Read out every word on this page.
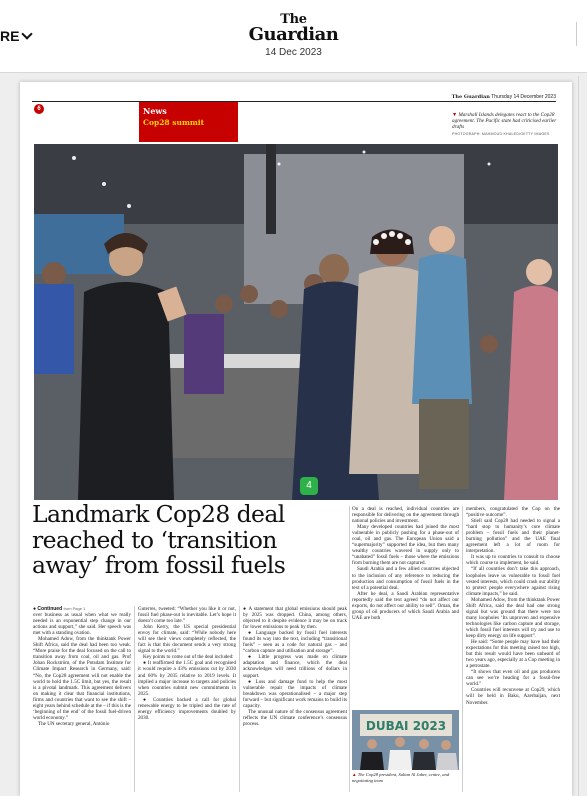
RE
The
Guardian
14 Dec 2023
6
The Guardian Thursday 14 December 2023
News
Cop28 summit
▼ Marshall Islands delegates react to the Cop28 agreement. The Pacific state had criticised earlier drafts
PHOTOGRAPH: MAHMOUD KHALED/GETTY IMAGES
4
Landmark Cop28 deal reached to ‘transition away’ from fossil fuels

● Continued from Page 1

over business as usual when what we really needed is an exponential step change in our actions and support,” she said. Her speech was met with a standing ovation.

Mohamed Adow, from the thinktank Power Shift Africa, said the deal had been too weak. “More praise for the deal focused on the call to transition away from coal, oil and gas. Prof Johan Rockström, of the Potsdam Institute for Climate Impact Research in Germany, said: “No, the Cop28 agreement will not enable the world to hold the 1.5C limit, but yes, the result is a pivotal landmark. This agreement delivers on making it clear that financial institutions, firms and countries that want to see the shift – eight years behind schedule at the – if this is the ‘beginning of the end’ of the fossil fuel-driven world economy.”

The UN secretary general, António

Guterres, tweeted: “Whether you like it or not, fossil fuel phase-out is inevitable. Let’s hope it doesn’t come too late.”

John Kerry, the US special presidential envoy for climate, said: “While nobody here will see their views completely reflected, the fact is that this document sends a very strong signal to the world.”

Key points to come out of the deal included:

● It reaffirmed the 1.5C goal and recognised it would require a 43% emissions cut by 2030 and 60% by 2035 relative to 2019 levels. It implied a major increase to targets and policies when countries submit new commitments in 2025.

● Countries backed a call for global renewable energy to be tripled and the rate of energy efficiency improvements doubled by 2030.

● A statement that global emissions should peak by 2025 was dropped. China, among others, objected to it despite evidence it may be on track for lower emissions to peak by then.

● Language backed by fossil fuel interests found its way into the text, including “transitional fuels” – seen as a code for natural gas – and “carbon capture and utilisation and storage”.

● Little progress was made on climate adaptation and finance, which the deal acknowledges will need trillions of dollars in support.

● Loss and damage fund to help the most vulnerable repair the impacts of climate breakdown was operationalised – a major step forward – but significant work remains to build its capacity.

The unusual nature of the consensus agreement reflects the UN climate conference’s consensus process.

On a deal is reached, individual countries are responsible for delivering on the agreement through national policies and investment.

Many developed countries had joined the most vulnerable in publicly pushing for a phase-out of coal, oil and gas. The European Union said a “supermajority” supported the idea, but then many wealthy countries wavered in supply only to “unabated” fossil fuels – those where the emissions from burning them are not captured.

Saudi Arabia and a few allied countries objected to the inclusion of any reference to reducing the production and consumption of fossil fuels in the text of a potential deal.

After he deal, a Saudi Arabian representative reportedly said the text agreed “do not affect our exports, do not affect our ability to sell”. Oman, the group of oil producers of which Saudi Arabia and UAE are both

members, congratulated the Cop on the “positive outcome”.

Stiell said Cop28 had needed to signal a “hard stop to humanity’s core climate problem – fossil fuels and their planet-burning pollution” and the UAE final agreement left a lot of room for interpretation.

It was up to countries to consult to choose which course to implement, he said.

“If all countries don’t take this approach, loopholes leave us vulnerable to fossil fuel vested interests, which could crash our ability to protect people everywhere against rising climate impacts,” he said.

Mohamed Adow, from the thinktank Power Shift Africa, said the deal had one strong signal but was ground that there were too many loopholes ‘Its unproven and expensive technologies like carbon capture and storage, which fossil fuel interests will try and use to keep dirty energy on life support”.

He said: “Some people may have had their expectations for this meeting raised too high, but this result would have been unheard of two years ago, especially at a Cop meeting in a petrostate.

“It shows that even oil and gas producers can see we’re heading for a fossil-free world.”

Countries will reconvene at Cop29, which will be held in Baku, Azerbaijan, next November.

DUBAI 2023
▲ The Cop28 president, Sultan Al Jaber, centre, and negotiating team
